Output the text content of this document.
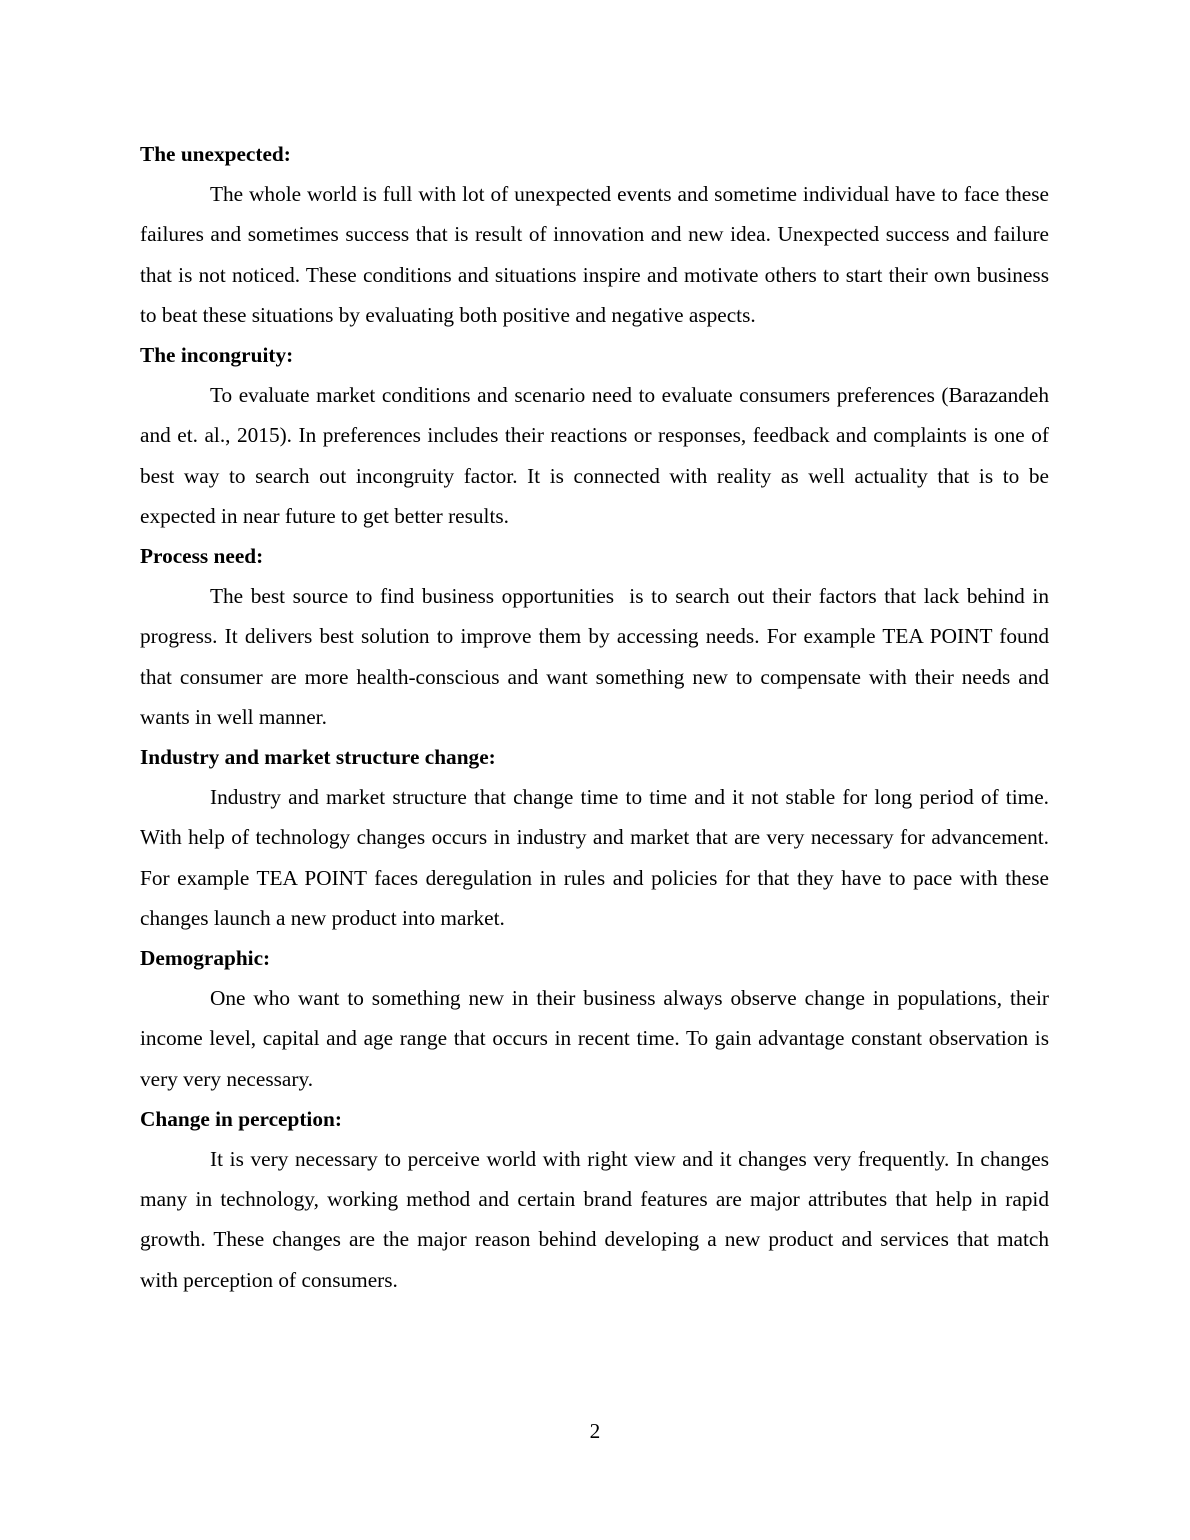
The unexpected:

The whole world is full with lot of unexpected events and sometime individual have to face these failures and sometimes success that is result of innovation and new idea. Unexpected success and failure that is not noticed. These conditions and situations inspire and motivate others to start their own business to beat these situations by evaluating both positive and negative aspects.

The incongruity:

To evaluate market conditions and scenario need to evaluate consumers preferences (Barazandeh and et. al., 2015). In preferences includes their reactions or responses, feedback and complaints is one of best way to search out incongruity factor. It is connected with reality as well actuality that is to be expected in near future to get better results.

Process need:

The best source to find business opportunities  is to search out their factors that lack behind in progress. It delivers best solution to improve them by accessing needs. For example TEA POINT found that consumer are more health-conscious and want something new to compensate with their needs and wants in well manner.

Industry and market structure change:

Industry and market structure that change time to time and it not stable for long period of time. With help of technology changes occurs in industry and market that are very necessary for advancement. For example TEA POINT faces deregulation in rules and policies for that they have to pace with these changes launch a new product into market.

Demographic:

One who want to something new in their business always observe change in populations, their income level, capital and age range that occurs in recent time. To gain advantage constant observation is very very necessary.

Change in perception:

It is very necessary to perceive world with right view and it changes very frequently. In changes many in technology, working method and certain brand features are major attributes that help in rapid growth. These changes are the major reason behind developing a new product and services that match with perception of consumers.

2
